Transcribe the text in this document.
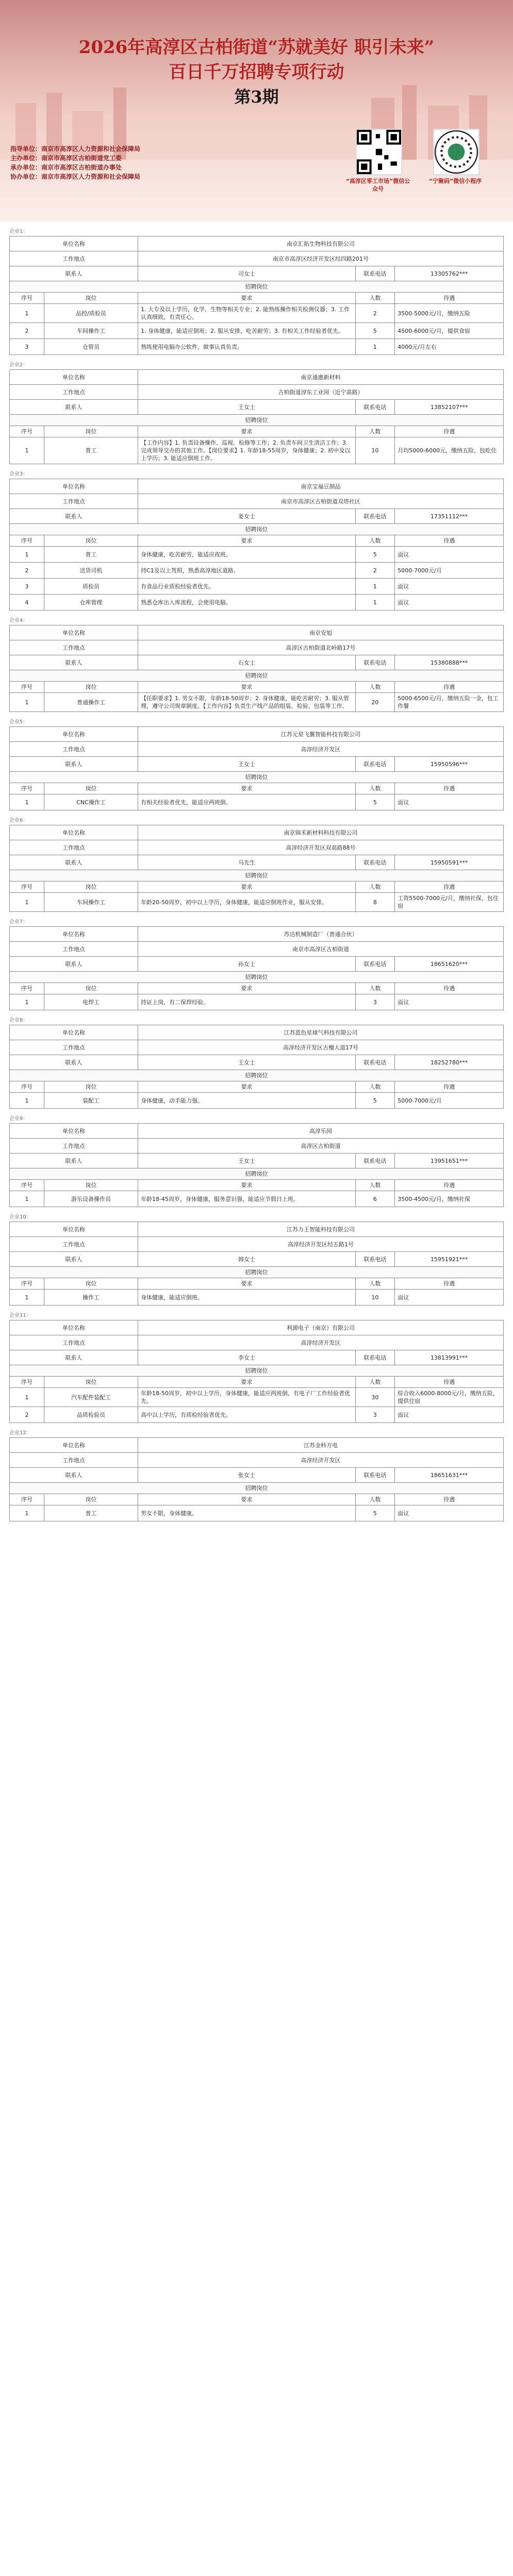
2026年高淳区古柏街道“苏就美好 职引未来”
百日千万招聘专项行动
第3期
指导单位：南京市高淳区人力资源和社会保障局
主办单位：南京市高淳区古柏街道党工委
承办单位：南京市高淳区古柏街道办事处
协办单位：南京市高淳区人力资源和社会保障局
“高淳区零工市场”微信公众号
“宁聚码”微信小程序
企业1：
单位名称		南京汇拓生物科技有限公司		
工作地点		南京市高淳区经济开发区经四路201号		
联系人		司女士	联系电话	13305762***
招聘岗位				
序号	岗位	要求	人数	待遇
1	品控/质检员	1. 大专及以上学历，化学、生物等相关专业；2. 能熟练操作相关检测仪器；3. 工作认真细致，有责任心。	2	3500-5000元/月，缴纳五险
2	车间操作工	1. 身体健康，能适应倒班；2. 服从安排，吃苦耐劳；3. 有相关工作经验者优先。	5	4500-6000元/月，提供食宿
3	仓管员	熟练使用电脑办公软件，做事认真负责。	1	4000元/月左右
企业2：
单位名称		南京通惠新材料		
工作地点		古柏街道淳东工业园（近宁高路）		
联系人		王女士	联系电话	13852107***
招聘岗位				
序号	岗位	要求	人数	待遇
1	普工	【工作内容】1. 负责设备操作、巡视、检修等工作；2. 负责车间卫生清洁工作；3. 完成领导交办的其他工作。【岗位要求】1. 年龄18-55周岁，身体健康；2. 初中及以上学历；3. 能适应倒班工作。	10	月均5000-6000元，缴纳五险，包吃住
企业3：
单位名称		南京宝福豆制品		
工作地点		南京市高淳区古柏街道双塔社区		
联系人		姜女士	联系电话	17351112***
招聘岗位				
序号	岗位	要求	人数	待遇
1	普工	身体健康，吃苦耐劳，能适应夜班。	5	面议
2	送货司机	持C1及以上驾照，熟悉高淳地区道路。	2	5000-7000元/月
3	质检员	有食品行业质检经验者优先。	1	面议
4	仓库管理	熟悉仓库出入库流程，会使用电脑。	1	面议
企业4：
单位名称		南京安旭		
工作地点		高淳区古柏街道北岭路17号		
联系人		石女士	联系电话	15380888***
招聘岗位				
序号	岗位	要求	人数	待遇
1	普通操作工	【任职要求】1. 男女不限，年龄18-50周岁；2. 身体健康，能吃苦耐劳；3. 服从管理，遵守公司规章制度。【工作内容】负责生产线产品的组装、检验、包装等工作。	20	5000-6500元/月，缴纳五险一金，包工作餐
企业5：
单位名称		江苏元星飞翼智能科技有限公司		
工作地点		高淳经济开发区		
联系人		王女士	联系电话	15950596***
招聘岗位				
序号	岗位	要求	人数	待遇
1	CNC操作工	有相关经验者优先，能适应两班倒。	5	面议
企业6：
单位名称		南京锦禾新材料科技有限公司		
工作地点		高淳经济开发区双高路88号		
联系人		马先生	联系电话	15950591***
招聘岗位				
序号	岗位	要求	人数	待遇
1	车间操作工	年龄20-50周岁，初中以上学历，身体健康，能适应倒班作业，服从安排。	8	工资5500-7000元/月，缴纳社保，包住宿
企业7：
单位名称		苏达机械制造厂（普通合伙）		
工作地点		南京市高淳区古柏街道		
联系人		孙女士	联系电话	18651620***
招聘岗位				
序号	岗位	要求	人数	待遇
1	电焊工	持证上岗，有二保焊经验。	3	面议
企业8：
单位名称		江苏蓝色星球气科技有限公司		
工作地点		高淳经济开发区古檀大道17号		
联系人		王女士	联系电话	18252780***
招聘岗位				
序号	岗位	要求	人数	待遇
1	装配工	身体健康，动手能力强。	5	5000-7000元/月
企业9：
单位名称		高淳乐园		
工作地点		高淳区古柏街道		
联系人		王女士	联系电话	13951651***
招聘岗位				
序号	岗位	要求	人数	待遇
1	游乐设备操作员	年龄18-45周岁，身体健康，服务意识强，能适应节假日上班。	6	3500-4500元/月，缴纳社保
企业10：
单位名称		江苏力王智能科技有限公司		
工作地点		高淳经济开发区经五路1号		
联系人		韩女士	联系电话	15951921***
招聘岗位				
序号	岗位	要求	人数	待遇
1	操作工	身体健康，能适应倒班。	10	面议
企业11：
单位名称		利源电子（南京）有限公司		
工作地点		高淳经济开发区		
联系人		李女士	联系电话	13813991***
招聘岗位				
序号	岗位	要求	人数	待遇
1	汽车配件装配工	年龄18-50周岁，初中以上学历，身体健康，能适应两班倒，有电子厂工作经验者优先。	30	综合收入6000-8000元/月，缴纳五险，提供住宿
2	品质检验员	高中以上学历，有质检经验者优先。	3	面议
企业12：
单位名称		江苏金科方电		
工作地点		高淳经济开发区		
联系人		张女士	联系电话	18651631***
招聘岗位				
序号	岗位	要求	人数	待遇
1	普工	男女不限，身体健康。	5	面议
